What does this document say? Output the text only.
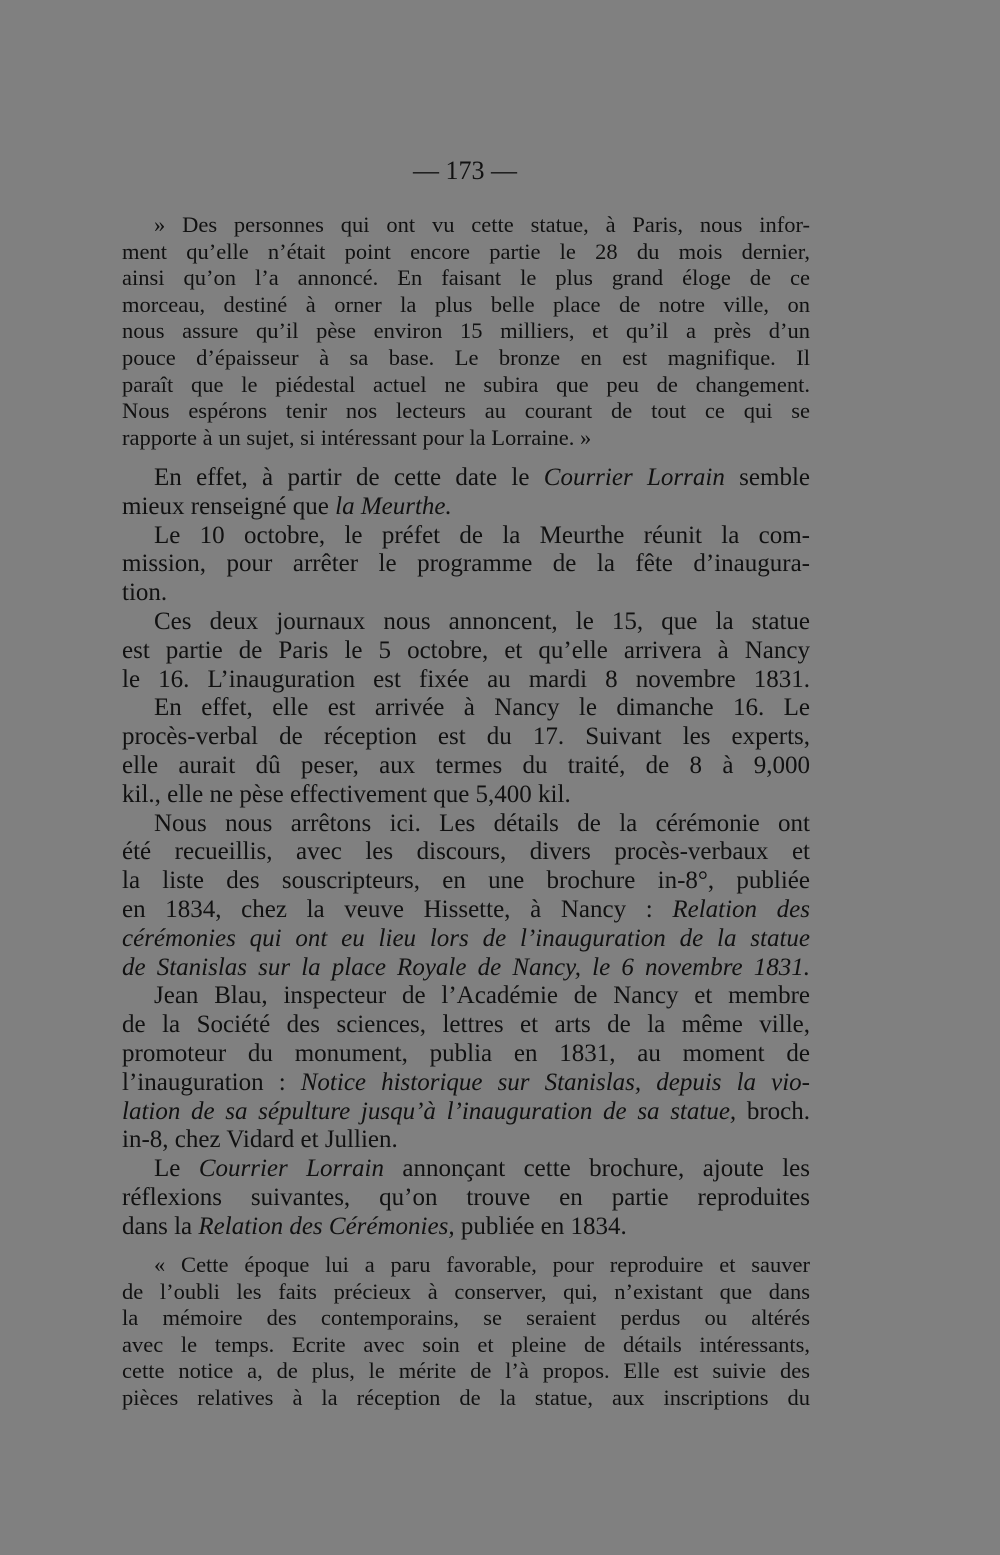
— 173 —
» Des personnes qui ont vu cette statue, à Paris, nous infor-
ment qu’elle n’était point encore partie le 28 du mois dernier,
ainsi qu’on l’a annoncé. En faisant le plus grand éloge de ce
morceau, destiné à orner la plus belle place de notre ville, on
nous assure qu’il pèse environ 15 milliers, et qu’il a près d’un
pouce d’épaisseur à sa base. Le bronze en est magnifique. Il
paraît que le piédestal actuel ne subira que peu de changement.
Nous espérons tenir nos lecteurs au courant de tout ce qui se
rapporte à un sujet, si intéressant pour la Lorraine. »
En effet, à partir de cette date le Courrier Lorrain semble
mieux renseigné que la Meurthe.
Le 10 octobre, le préfet de la Meurthe réunit la com-
mission, pour arrêter le programme de la fête d’inaugura-
tion.
Ces deux journaux nous annoncent, le 15, que la statue
est partie de Paris le 5 octobre, et qu’elle arrivera à Nancy
le 16. L’inauguration est fixée au mardi 8 novembre 1831.
En effet, elle est arrivée à Nancy le dimanche 16. Le
procès-verbal de réception est du 17. Suivant les experts,
elle aurait dû peser, aux termes du traité, de 8 à 9,000
kil., elle ne pèse effectivement que 5,400 kil.
Nous nous arrêtons ici. Les détails de la cérémonie ont
été recueillis, avec les discours, divers procès-verbaux et
la liste des souscripteurs, en une brochure in-8°, publiée
en 1834, chez la veuve Hissette, à Nancy : Relation des
cérémonies qui ont eu lieu lors de l’inauguration de la statue
de Stanislas sur la place Royale de Nancy, le 6 novembre 1831.
Jean Blau, inspecteur de l’Académie de Nancy et membre
de la Société des sciences, lettres et arts de la même ville,
promoteur du monument, publia en 1831, au moment de
l’inauguration : Notice historique sur Stanislas, depuis la vio-
lation de sa sépulture jusqu’à l’inauguration de sa statue, broch.
in-8, chez Vidard et Jullien.
Le Courrier Lorrain annonçant cette brochure, ajoute les
réflexions suivantes, qu’on trouve en partie reproduites
dans la Relation des Cérémonies, publiée en 1834.
« Cette époque lui a paru favorable, pour reproduire et sauver
de l’oubli les faits précieux à conserver, qui, n’existant que dans
la mémoire des contemporains, se seraient perdus ou altérés
avec le temps. Ecrite avec soin et pleine de détails intéressants,
cette notice a, de plus, le mérite de l’à propos. Elle est suivie des
pièces relatives à la réception de la statue, aux inscriptions du
